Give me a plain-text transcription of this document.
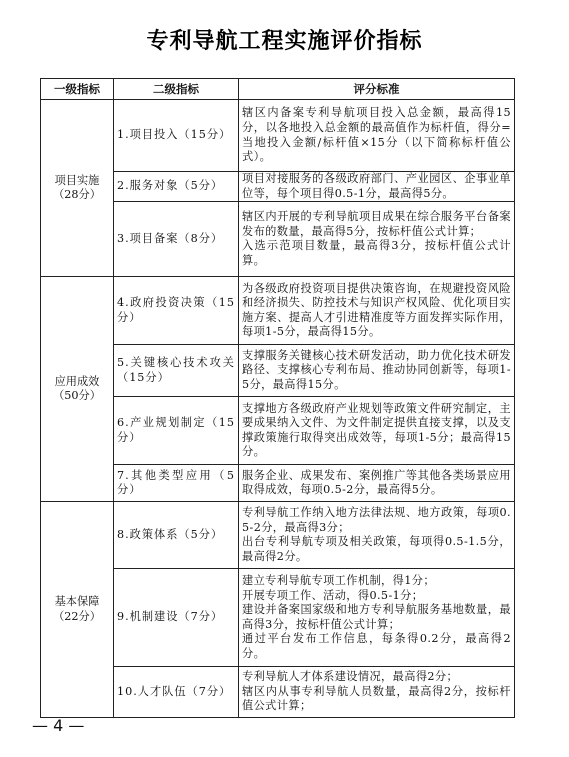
专利导航工程实施评价指标
一级指标	二级指标	评分标准

项目实施
（28分）	1.项目投入（15分）	辖区内备案专利导航项目投入总金额，最高得15分，以各地投入总金额的最高值作为标杆值，得分=当地投入金额/标杆值×15分（以下简称标杆值公式）。

	2.服务对象（5分）	项目对接服务的各级政府部门、产业园区、企事业单位等，每个项目得0.5-1分，最高得5分。

	3.项目备案（8分）	辖区内开展的专利导航项目成果在综合服务平台备案发布的数量，最高得5分，按标杆值公式计算；
入选示范项目数量，最高得3分，按标杆值公式计算。

应用成效
（50分）	4.政府投资决策（15分）	为各级政府投资项目提供决策咨询，在规避投资风险和经济损失、防控技术与知识产权风险、优化项目实施方案、提高人才引进精准度等方面发挥实际作用，每项1-5分，最高得15分。

	5.关键核心技术攻关（15分）	支撑服务关键核心技术研发活动，助力优化技术研发路径、支撑核心专利布局、推动协同创新等，每项1-5分，最高得15分。

	6.产业规划制定（15分）	支撑地方各级政府产业规划等政策文件研究制定，主要成果纳入文件、为文件制定提供直接支撑，以及支撑政策施行取得突出成效等，每项1-5分；最高得15分。

	7.其他类型应用（5分）	服务企业、成果发布、案例推广等其他各类场景应用取得成效，每项0.5-2分，最高得5分。

基本保障
（22分）	8.政策体系（5分）	专利导航工作纳入地方法律法规、地方政策，每项0.5-2分，最高得3分；
出台专利导航专项及相关政策，每项得0.5-1.5分，最高得2分。

	9.机制建设（7分）	建立专利导航专项工作机制，得1分；
开展专项工作、活动，得0.5-1分；
建设并备案国家级和地方专利导航服务基地数量，最高得3分，按标杆值公式计算；
通过平台发布工作信息，每条得0.2分，最高得2分。

	10.人才队伍（7分）	专利导航人才体系建设情况，最高得2分；
辖区内从事专利导航人员数量，最高得2分，按标杆值公式计算；
— 4 —
